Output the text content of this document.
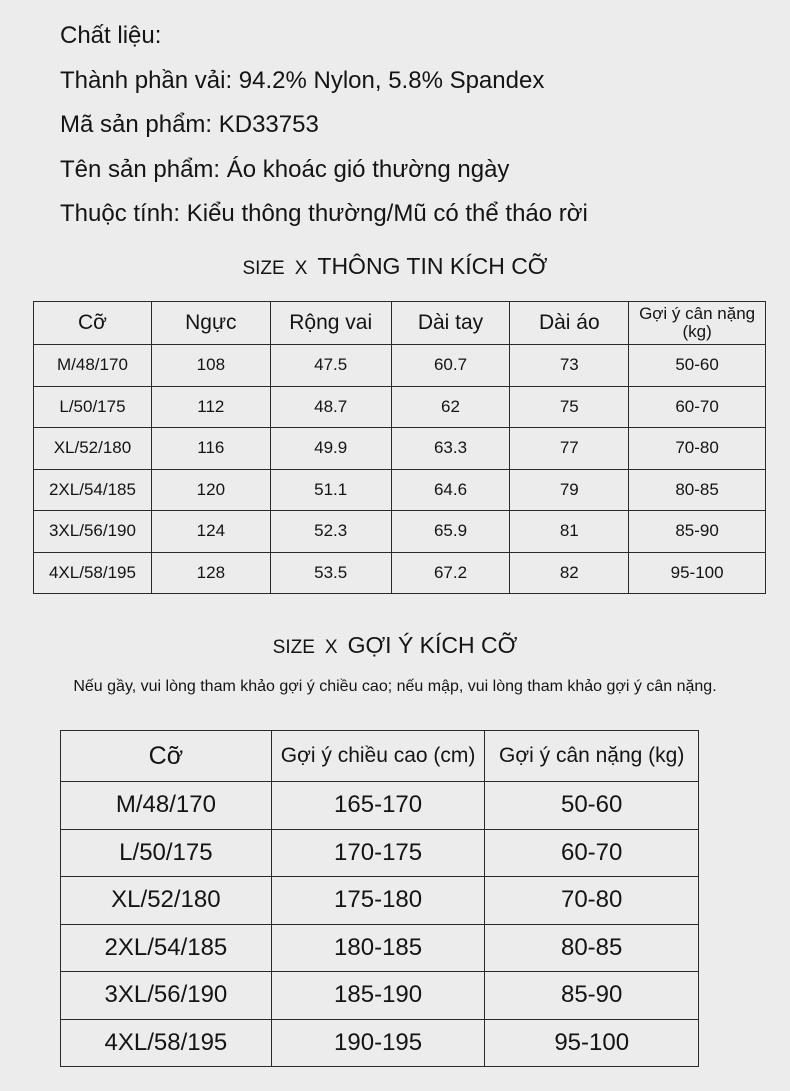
Chất liệu:
Thành phần vải: 94.2% Nylon, 5.8% Spandex
Mã sản phẩm: KD33753
Tên sản phẩm: Áo khoác gió thường ngày
Thuộc tính: Kiểu thông thường/Mũ có thể tháo rời
SIZE X THÔNG TIN KÍCH CỠ
Cỡ	Ngực	Rộng vai	Dài tay	Dài áo	Gợi ý cân nặng (kg)
M/48/170	108	47.5	60.7	73	50-60
L/50/175	112	48.7	62	75	60-70
XL/52/180	116	49.9	63.3	77	70-80
2XL/54/185	120	51.1	64.6	79	80-85
3XL/56/190	124	52.3	65.9	81	85-90
4XL/58/195	128	53.5	67.2	82	95-100
SIZE X GỢI Ý KÍCH CỠ
Nếu gầy, vui lòng tham khảo gợi ý chiều cao; nếu mập, vui lòng tham khảo gợi ý cân nặng.
Cỡ	Gợi ý chiều cao (cm)	Gợi ý cân nặng (kg)
M/48/170	165-170	50-60
L/50/175	170-175	60-70
XL/52/180	175-180	70-80
2XL/54/185	180-185	80-85
3XL/56/190	185-190	85-90
4XL/58/195	190-195	95-100
